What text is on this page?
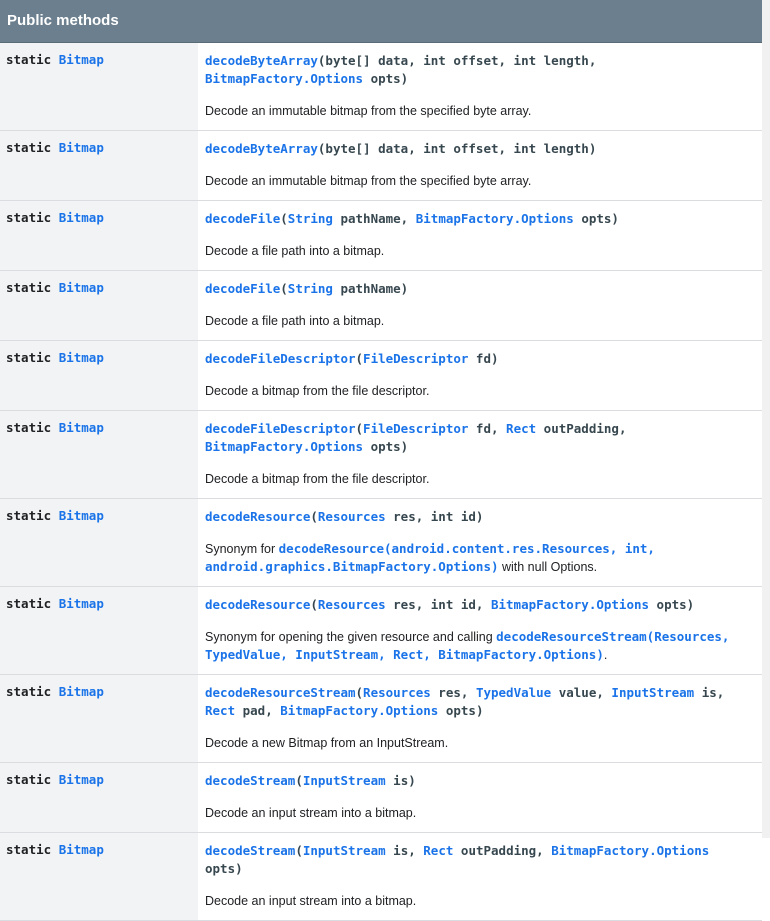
Public methods
static Bitmap	decodeByteArray(byte[] data, int offset, int length,
BitmapFactory.Options opts)
Decode an immutable bitmap from the specified byte array.

static Bitmap	decodeByteArray(byte[] data, int offset, int length)
Decode an immutable bitmap from the specified byte array.

static Bitmap	decodeFile(String pathName, BitmapFactory.Options opts)
Decode a file path into a bitmap.

static Bitmap	decodeFile(String pathName)
Decode a file path into a bitmap.

static Bitmap	decodeFileDescriptor(FileDescriptor fd)
Decode a bitmap from the file descriptor.

static Bitmap	decodeFileDescriptor(FileDescriptor fd, Rect outPadding,
BitmapFactory.Options opts)
Decode a bitmap from the file descriptor.

static Bitmap	decodeResource(Resources res, int id)
Synonym for decodeResource(android.content.res.Resources, int, android.graphics.BitmapFactory.Options) with null Options.

static Bitmap	decodeResource(Resources res, int id, BitmapFactory.Options opts)
Synonym for opening the given resource and calling decodeResourceStream(Resources, TypedValue, InputStream, Rect, BitmapFactory.Options).

static Bitmap	decodeResourceStream(Resources res, TypedValue value, InputStream is,
Rect pad, BitmapFactory.Options opts)
Decode a new Bitmap from an InputStream.

static Bitmap	decodeStream(InputStream is)
Decode an input stream into a bitmap.

static Bitmap	decodeStream(InputStream is, Rect outPadding, BitmapFactory.Options opts)
Decode an input stream into a bitmap.
